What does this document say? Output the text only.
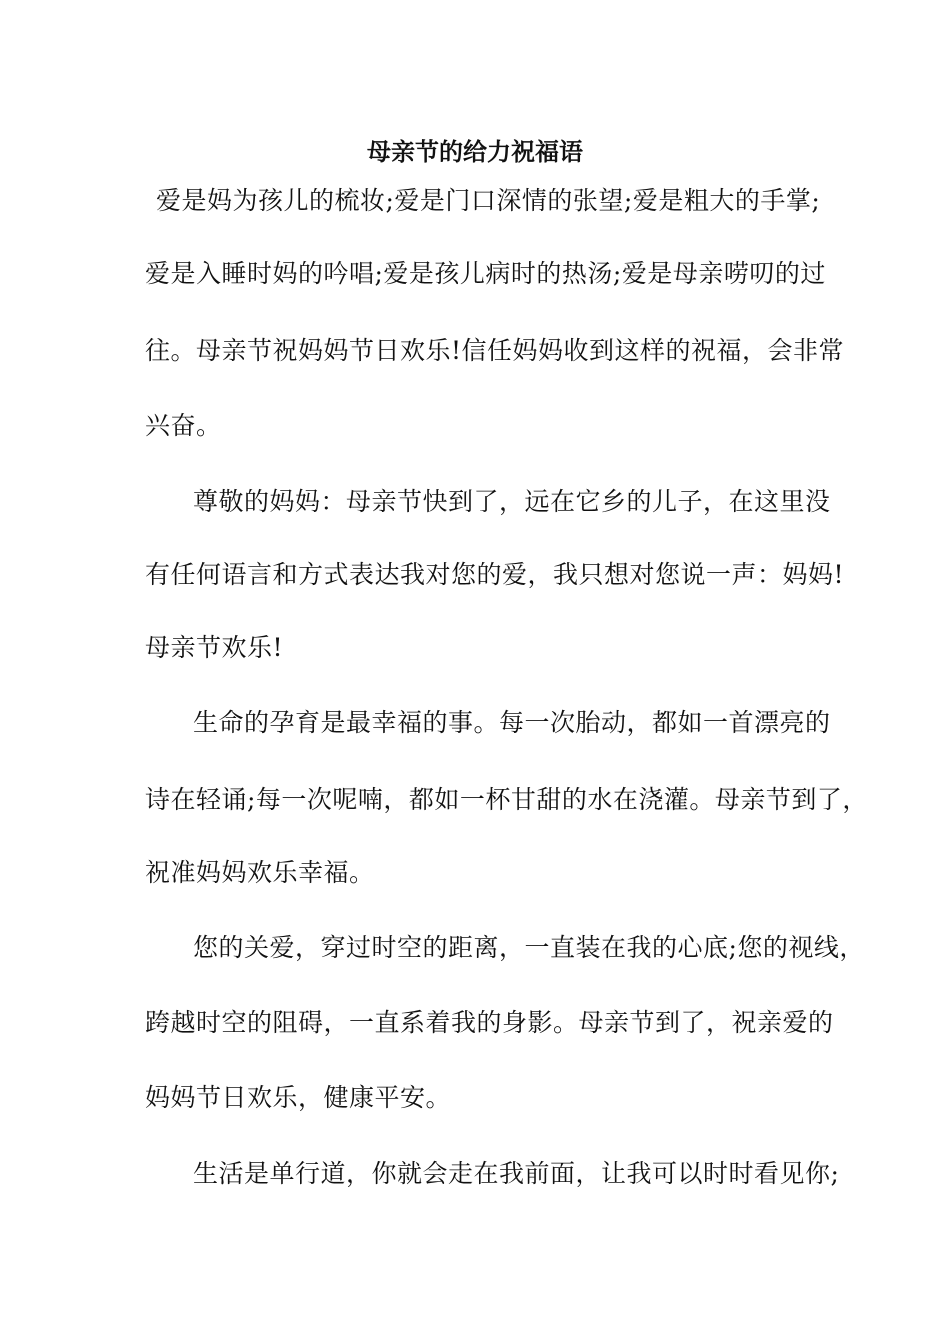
母亲节的给力祝福语
爱是妈为孩儿的梳妆;爱是门口深情的张望;爱是粗大的手掌;
爱是入睡时妈的吟唱;爱是孩儿病时的热汤;爱是母亲唠叨的过
往。母亲节祝妈妈节日欢乐!信任妈妈收到这样的祝福，会非常
兴奋。
尊敬的妈妈：母亲节快到了，远在它乡的儿子，在这里没
有任何语言和方式表达我对您的爱，我只想对您说一声：妈妈!
母亲节欢乐!
生命的孕育是最幸福的事。每一次胎动，都如一首漂亮的
诗在轻诵;每一次呢喃，都如一杯甘甜的水在浇灌。母亲节到了，
祝准妈妈欢乐幸福。
您的关爱，穿过时空的距离，一直装在我的心底;您的视线，
跨越时空的阻碍，一直系着我的身影。母亲节到了，祝亲爱的
妈妈节日欢乐，健康平安。
生活是单行道，你就会走在我前面，让我可以时时看见你;
